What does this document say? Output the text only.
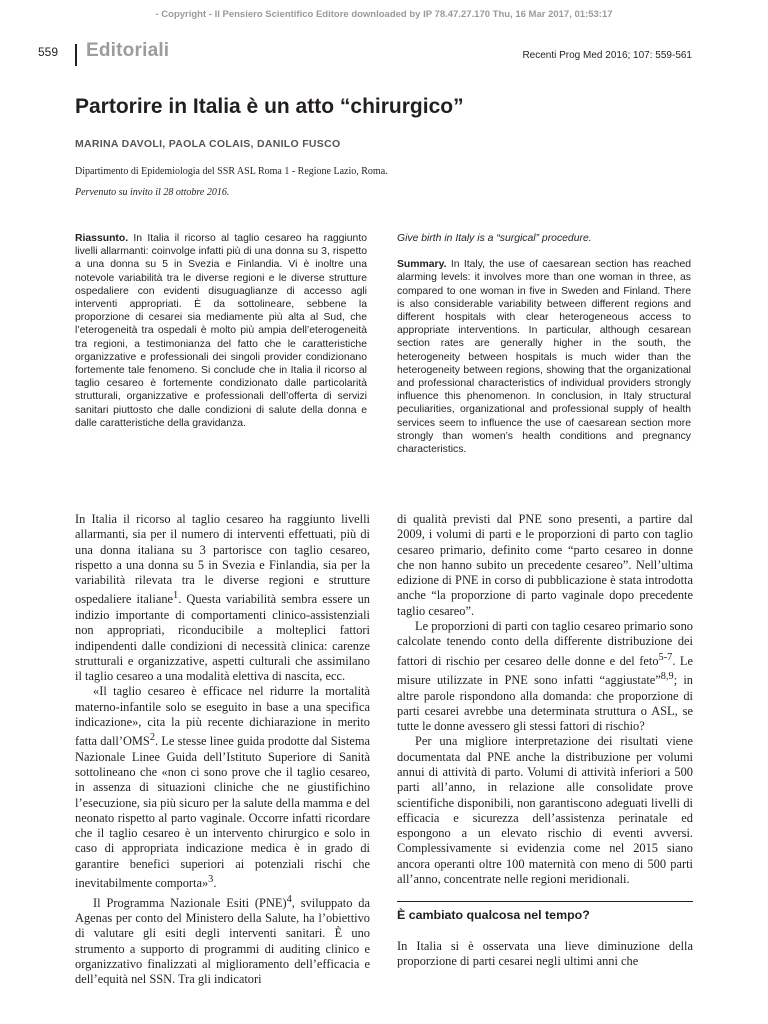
- Copyright - Il Pensiero Scientifico Editore downloaded by IP 78.47.27.170 Thu, 16 Mar 2017, 01:53:17
559 Editoriali	Recenti Prog Med 2016; 107: 559-561
Partorire in Italia è un atto “chirurgico”
MARINA DAVOLI, PAOLA COLAIS, DANILO FUSCO
Dipartimento di Epidemiologia del SSR ASL Roma 1 - Regione Lazio, Roma.
Pervenuto su invito il 28 ottobre 2016.

Riassunto. In Italia il ricorso al taglio cesareo ha raggiunto livelli allarmanti: coinvolge infatti più di una donna su 3, rispetto a una donna su 5 in Svezia e Finlandia. Vi è inoltre una notevole variabilità tra le diverse regioni e le diverse strutture ospedaliere con evidenti disuguaglianze di accesso agli interventi appropriati. È da sottolineare, sebbene la proporzione di cesarei sia mediamente più alta al Sud, che l’eterogeneità tra ospedali è molto più ampia dell’eterogeneità tra regioni, a testimonianza del fatto che le caratteristiche organizzative e professionali dei singoli provider condizionano fortemente tale fenomeno. Si conclude che in Italia il ricorso al taglio cesareo è fortemente condizionato dalle particolarità strutturali, organizzative e professionali dell’offerta di servizi sanitari piuttosto che dalle condizioni di salute della donna e dalle caratteristiche della gravidanza.

Give birth in Italy is a “surgical” procedure.

Summary. In Italy, the use of caesarean section has reached alarming levels: it involves more than one woman in three, as compared to one woman in five in Sweden and Finland. There is also considerable variability between different regions and different hospitals with clear heterogeneous access to appropriate interventions. In particular, although cesarean section rates are generally higher in the south, the heterogeneity between hospitals is much wider than the heterogeneity between regions, showing that the organizational and professional characteristics of individual providers strongly influence this phenomenon. In conclusion, in Italy structural peculiarities, organizational and professional supply of health services seem to influence the use of caesarean section more strongly than women’s health conditions and pregnancy characteristics.

In Italia il ricorso al taglio cesareo ha raggiunto livelli allarmanti, sia per il numero di interventi effettuati, più di una donna italiana su 3 partorisce con taglio cesareo, rispetto a una donna su 5 in Svezia e Finlandia, sia per la variabilità rilevata tra le diverse regioni e strutture ospedaliere italiane$^1$. Questa variabilità sembra essere un indizio importante di comportamenti clinico-assistenziali non appropriati, riconducibile a molteplici fattori indipendenti dalle condizioni di necessità clinica: carenze strutturali e organizzative, aspetti culturali che assimilano il taglio cesareo a una modalità elettiva di nascita, ecc.

«Il taglio cesareo è efficace nel ridurre la mortalità materno-infantile solo se eseguito in base a una specifica indicazione», cita la più recente dichiarazione in merito fatta dall’OMS$^2$. Le stesse linee guida prodotte dal Sistema Nazionale Linee Guida dell’Istituto Superiore di Sanità sottolineano che «non ci sono prove che il taglio cesareo, in assenza di situazioni cliniche che ne giustifichino l’esecuzione, sia più sicuro per la salute della mamma e del neonato rispetto al parto vaginale. Occorre infatti ricordare che il taglio cesareo è un intervento chirurgico e solo in caso di appropriata indicazione medica è in grado di garantire benefici superiori ai potenziali rischi che inevitabilmente comporta»$^3$.

Il Programma Nazionale Esiti (PNE)$^4$, sviluppato da Agenas per conto del Ministero della Salute, ha l’obiettivo di valutare gli esiti degli interventi sanitari. È uno strumento a supporto di programmi di auditing clinico e organizzativo finalizzati al miglioramento dell’efficacia e dell’equità nel SSN. Tra gli indicatori

di qualità previsti dal PNE sono presenti, a partire dal 2009, i volumi di parti e le proporzioni di parto con taglio cesareo primario, definito come “parto cesareo in donne che non hanno subito un precedente cesareo”. Nell’ultima edizione di PNE in corso di pubblicazione è stata introdotta anche “la proporzione di parto vaginale dopo precedente taglio cesareo”.

Le proporzioni di parti con taglio cesareo primario sono calcolate tenendo conto della differente distribuzione dei fattori di rischio per cesareo delle donne e del feto$^{5-7}$. Le misure utilizzate in PNE sono infatti “aggiustate”$^{8,9}$; in altre parole rispondono alla domanda: che proporzione di parti cesarei avrebbe una determinata struttura o ASL, se tutte le donne avessero gli stessi fattori di rischio?

Per una migliore interpretazione dei risultati viene documentata dal PNE anche la distribuzione per volumi annui di attività di parto. Volumi di attività inferiori a 500 parti all’anno, in relazione alle consolidate prove scientifiche disponibili, non garantiscono adeguati livelli di efficacia e sicurezza dell’assistenza perinatale ed espongono a un elevato rischio di eventi avversi. Complessivamente si evidenzia come nel 2015 siano ancora operanti oltre 100 maternità con meno di 500 parti all’anno, concentrate nelle regioni meridionali.

È cambiato qualcosa nel tempo?

In Italia si è osservata una lieve diminuzione della proporzione di parti cesarei negli ultimi anni che
